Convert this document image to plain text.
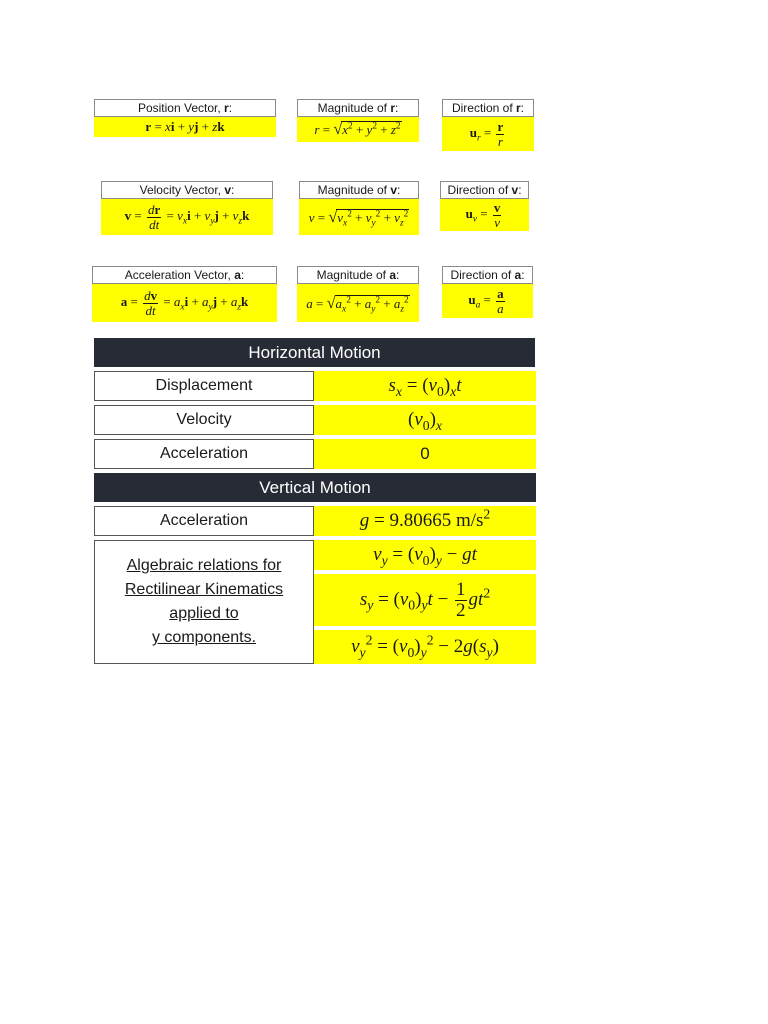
Position Vector, r:
r = xi + yj + zk
Magnitude of r:
$r = √x^2 + y^2 + z^2$
Direction of r:
$u_r = \frac{r}{r}$
Velocity Vector, v:
$v = \frac{dr}{dt} = v_xi + v_yj + v_zk$
Magnitude of v:
$v = √v_x^2 + v_y^2 + v_z^2$
Direction of v:
$u_v = \frac{v}{v}$
Acceleration Vector, a:
$a = \frac{dv}{dt} = a_xi + a_yj + a_zk$
Magnitude of a:
$a = √a_x^2 + a_y^2 + a_z^2$
Direction of a:
$u_a = \frac{a}{a}$
Horizontal Motion
Displacement	$s_x = (v_0)_xt$
Velocity	$(v_0)_x$
Acceleration	0
Vertical Motion
Acceleration	g = 9.80665 $m/s^2$
Algebraic relations for
Rectilinear Kinematics
applied to
y components.
$v_y = (v_0)_y$ − gt
$s_y = (v_0)_yt - \frac{1}{2} gt^2$
$v_y^2 = (v_0)_y^2 - 2g(s_y)$
